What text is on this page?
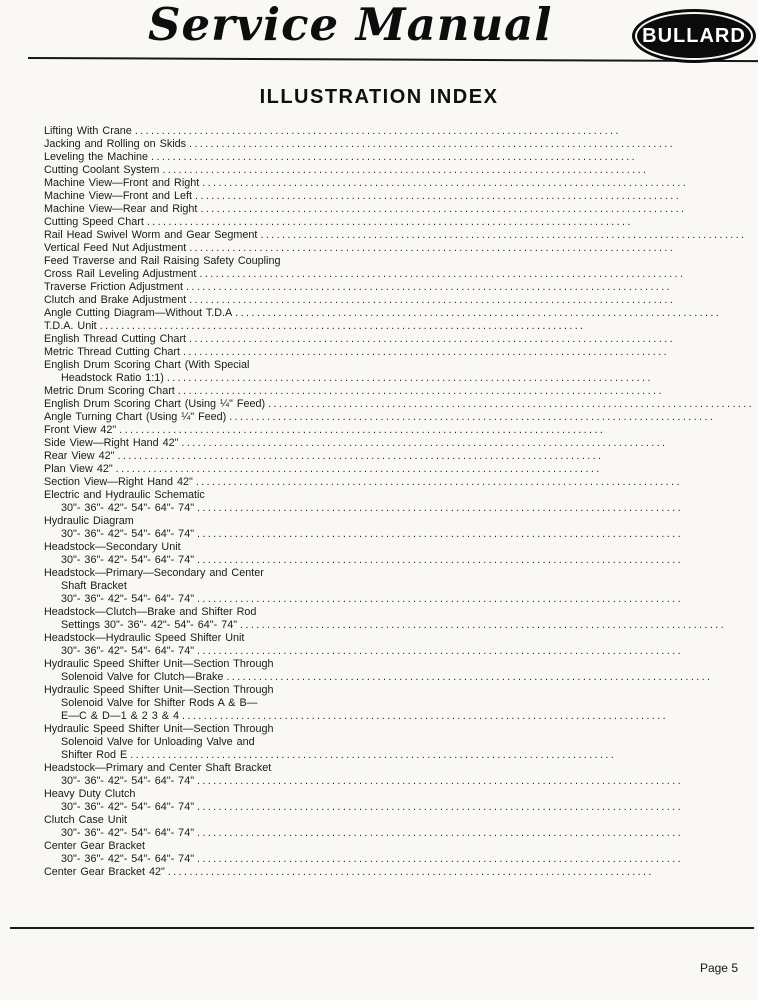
Service Manual	BULLARD
ILLUSTRATION INDEX
Lifting With Crane ..........................................................................................
Jacking and Rolling on Skids ..........................................................................................
Leveling the Machine ..........................................................................................
Cutting Coolant System ..........................................................................................
Machine View—Front and Right ..........................................................................................
Machine View—Front and Left ..........................................................................................
Machine View—Rear and Right ..........................................................................................
Cutting Speed Chart ..........................................................................................
Rail Head Swivel Worm and Gear Segment ..........................................................................................
Vertical Feed Nut Adjustment ..........................................................................................
Feed Traverse and Rail Raising Safety Coupling
Cross Rail Leveling Adjustment ..........................................................................................
Traverse Friction Adjustment ..........................................................................................
Clutch and Brake Adjustment ..........................................................................................
Angle Cutting Diagram—Without T.D.A ..........................................................................................
T.D.A. Unit ..........................................................................................
English Thread Cutting Chart ..........................................................................................
Metric Thread Cutting Chart ..........................................................................................
English Drum Scoring Chart (With Special
Headstock Ratio 1:1) ..........................................................................................
Metric Drum Scoring Chart ..........................................................................................
English Drum Scoring Chart (Using ¼" Feed) ..........................................................................................
Angle Turning Chart (Using ¼" Feed) ..........................................................................................
Front View 42" ..........................................................................................
Side View—Right Hand 42" ..........................................................................................
Rear View 42" ..........................................................................................
Plan View 42" ..........................................................................................
Section View—Right Hand 42" ..........................................................................................
Electric and Hydraulic Schematic
30"- 36"- 42"- 54"- 64"- 74" ..........................................................................................
Hydraulic Diagram
30"- 36"- 42"- 54"- 64"- 74" ..........................................................................................
Headstock—Secondary Unit
30"- 36"- 42"- 54"- 64"- 74" ..........................................................................................
Headstock—Primary—Secondary and Center
Shaft Bracket
30"- 36"- 42"- 54"- 64"- 74" ..........................................................................................
Headstock—Clutch—Brake and Shifter Rod
Settings 30"- 36"- 42"- 54"- 64"- 74" ..........................................................................................
Headstock—Hydraulic Speed Shifter Unit
30"- 36"- 42"- 54"- 64"- 74" ..........................................................................................
Hydraulic Speed Shifter Unit—Section Through
Solenoid Valve for Clutch—Brake ..........................................................................................
Hydraulic Speed Shifter Unit—Section Through
Solenoid Valve for Shifter Rods A & B—
E—C & D—1 & 2 3 & 4 ..........................................................................................
Hydraulic Speed Shifter Unit—Section Through
Solenoid Valve for Unloading Valve and
Shifter Rod E ..........................................................................................
Headstock—Primary and Center Shaft Bracket
30"- 36"- 42"- 54"- 64"- 74" ..........................................................................................
Heavy Duty Clutch
30"- 36"- 42"- 54"- 64"- 74" ..........................................................................................
Clutch Case Unit
30"- 36"- 42"- 54"- 64"- 74" ..........................................................................................
Center Gear Bracket
30"- 36"- 42"- 54"- 64"- 74" ..........................................................................................
Center Gear Bracket 42" ..........................................................................................
Page 5
